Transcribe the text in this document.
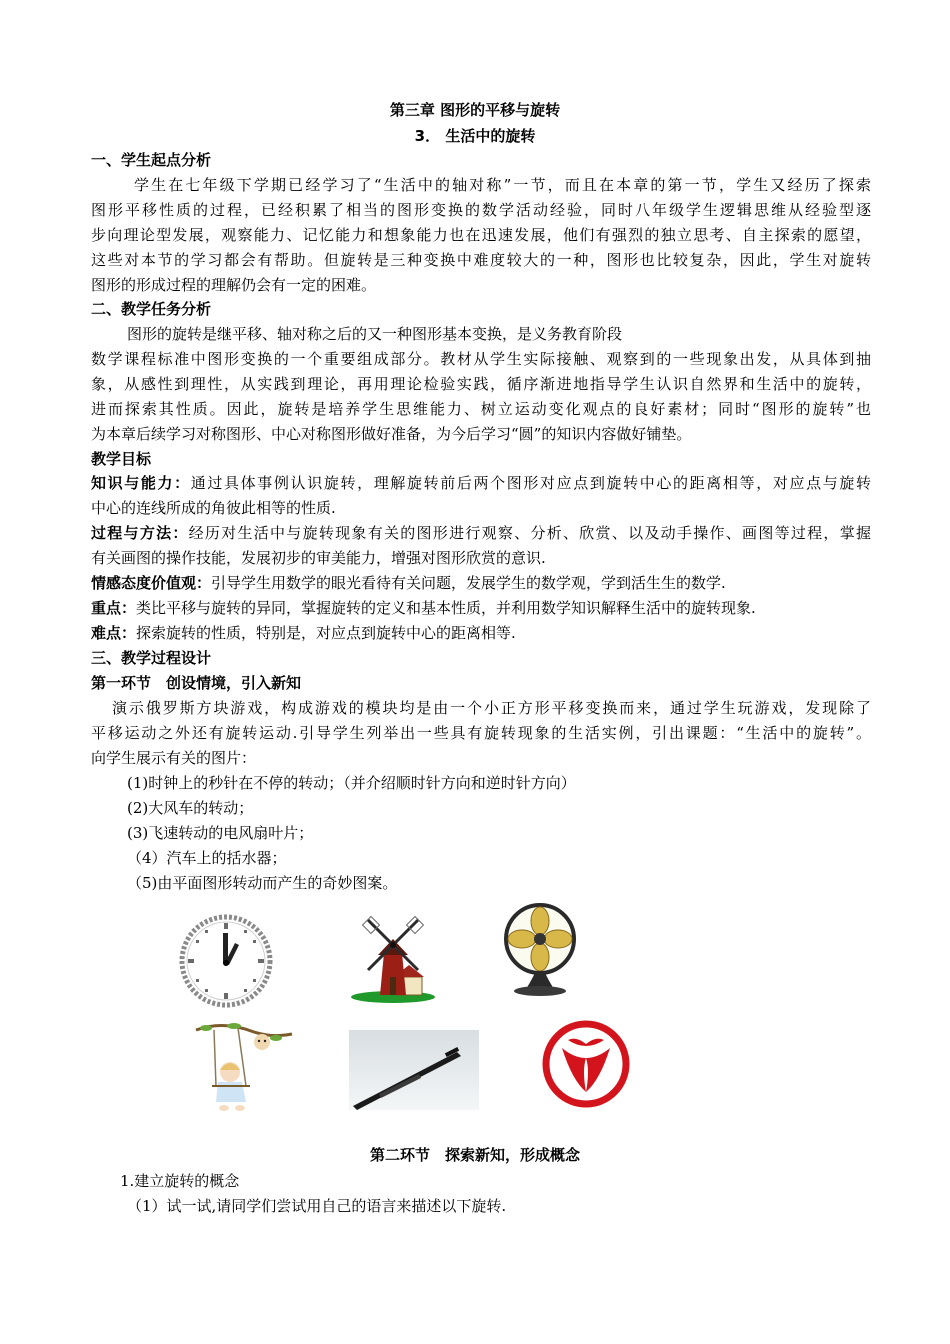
第三章 图形的平移与旋转
3． 生活中的旋转
一、学生起点分析
学生在七年级下学期已经学习了“生活中的轴对称”一节，而且在本章的第一节，学生又经历了探索
图形平移性质的过程，已经积累了相当的图形变换的数学活动经验，同时八年级学生逻辑思维从经验型逐
步向理论型发展，观察能力、记忆能力和想象能力也在迅速发展，他们有强烈的独立思考、自主探索的愿望，
这些对本节的学习都会有帮助。但旋转是三种变换中难度较大的一种，图形也比较复杂，因此，学生对旋转
图形的形成过程的理解仍会有一定的困难。
二、教学任务分析
图形的旋转是继平移、轴对称之后的又一种图形基本变换，是义务教育阶段
数学课程标准中图形变换的一个重要组成部分。教材从学生实际接触、观察到的一些现象出发，从具体到抽
象，从感性到理性，从实践到理论，再用理论检验实践，循序渐进地指导学生认识自然界和生活中的旋转，
进而探索其性质。因此，旋转是培养学生思维能力、树立运动变化观点的良好素材；同时“图形的旋转”也
为本章后续学习对称图形、中心对称图形做好准备，为今后学习“圆”的知识内容做好铺垫。
教学目标
知识与能力：通过具体事例认识旋转，理解旋转前后两个图形对应点到旋转中心的距离相等，对应点与旋转
中心的连线所成的角彼此相等的性质.
过程与方法：经历对生活中与旋转现象有关的图形进行观察、分析、欣赏、以及动手操作、画图等过程，掌握
有关画图的操作技能，发展初步的审美能力，增强对图形欣赏的意识.
情感态度价值观：引导学生用数学的眼光看待有关问题，发展学生的数学观，学到活生生的数学.
重点：类比平移与旋转的异同，掌握旋转的定义和基本性质，并利用数学知识解释生活中的旋转现象.
难点：探索旋转的性质，特别是，对应点到旋转中心的距离相等.
三、教学过程设计
第一环节　创设情境，引入新知
演示俄罗斯方块游戏，构成游戏的模块均是由一个小正方形平移变换而来，通过学生玩游戏，发现除了
平移运动之外还有旋转运动.引导学生列举出一些具有旋转现象的生活实例，引出课题：“生活中的旋转”。
向学生展示有关的图片：
(1)时钟上的秒针在不停的转动；（并介绍顺时针方向和逆时针方向）
(2)大风车的转动；
(3)飞速转动的电风扇叶片；
（4）汽车上的括水器；
（5)由平面图形转动而产生的奇妙图案。
第二环节　探索新知，形成概念
1.建立旋转的概念
（1）试一试,请同学们尝试用自己的语言来描述以下旋转.
